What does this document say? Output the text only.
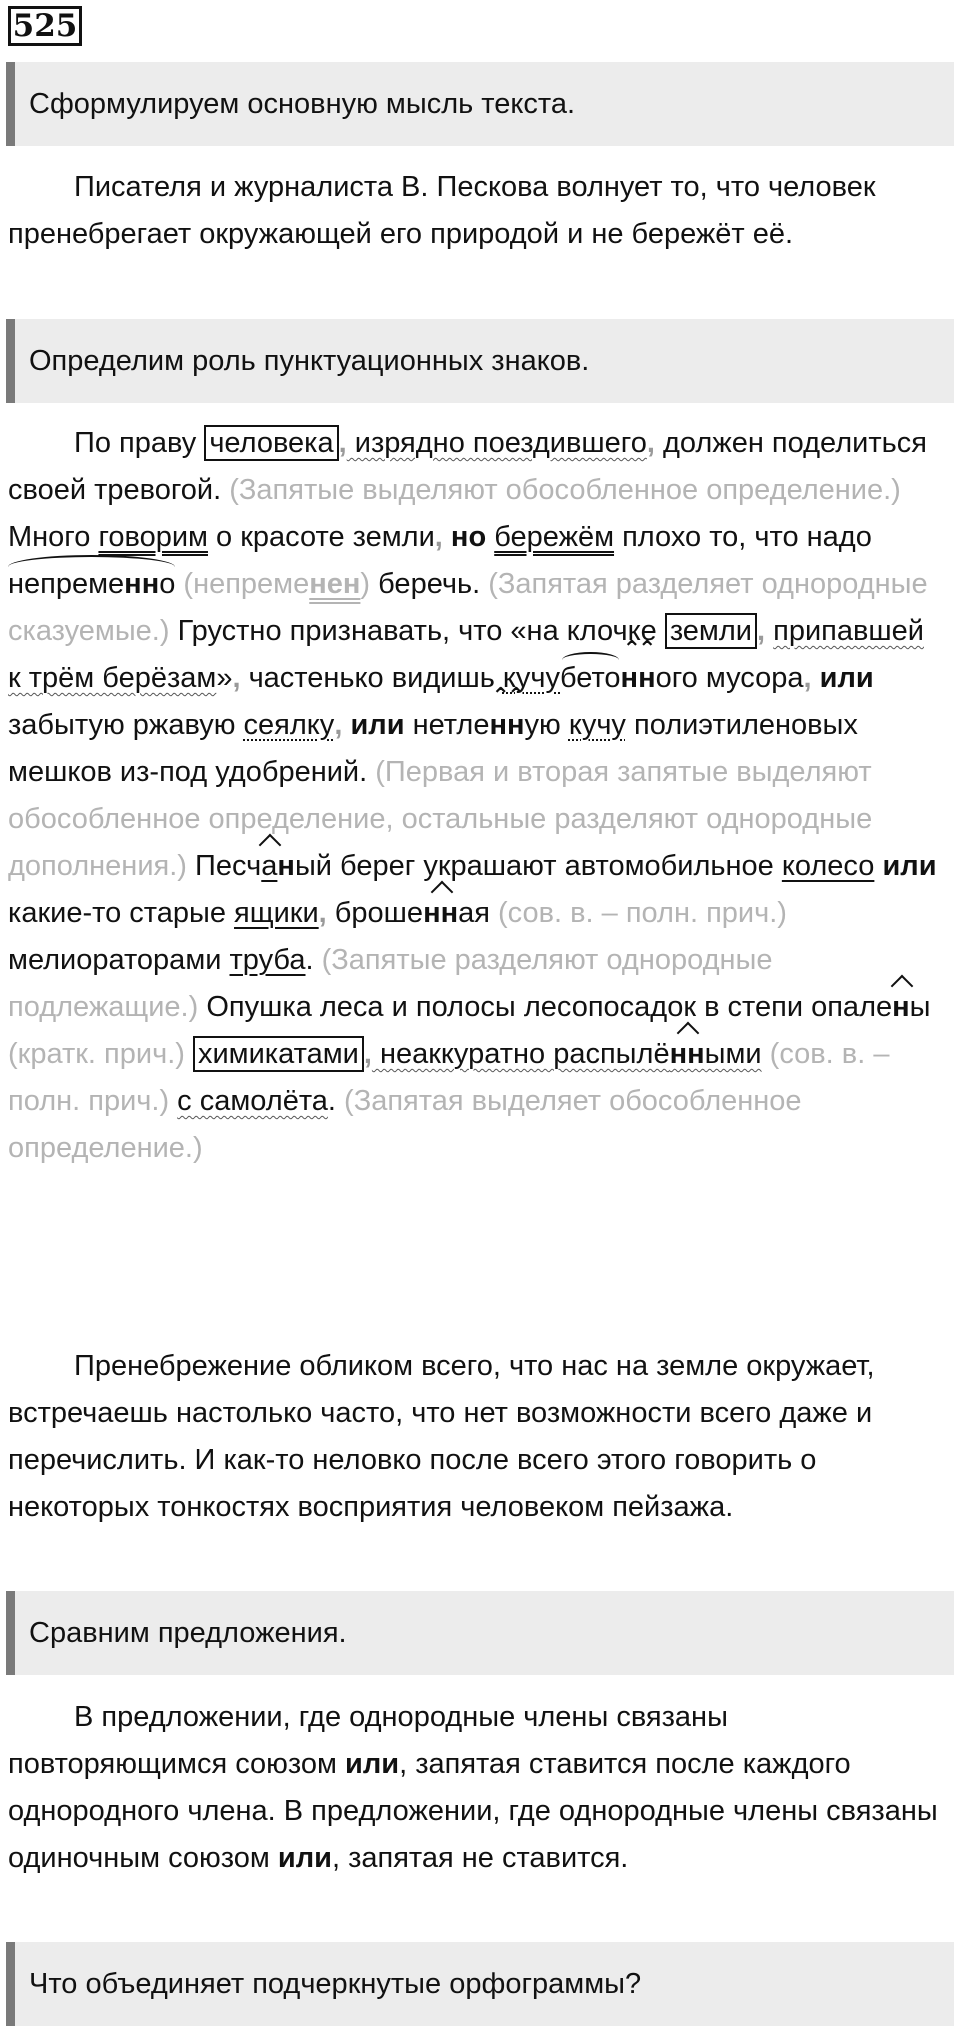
525
Сформулируем основную мысль текста.

Писателя и журналиста В. Пескова волнует то, что человек пренебрегает окружающей его природой и не бережёт её.

Определим роль пунктуационных знаков.

По праву человека , изрядно поездившего, должен поделиться своей тревогой. (Запятые выделяют обособленное определение.) Много говорим о красоте земли, но бережём плохо то, что надо непременно (непременен) беречь. (Запятая разделяет однородные сказуемые.) Грустно признавать, что «на клочке земли , припавшей к трём берёзам», частенько видишь кучубето⌃⌃ нного мусора, или забытую ржавую сеялку, или нетле⌃⌃ нную кучу полиэтиленовых мешков из-под удобрений. (Первая и вторая запятые выделяют обособленное определение, остальные разделяют однородные дополнения.) Песчаный берег украшают автомобильное колесо или какие-то старые ящики, брошенная (сов. в. – полн. прич.) мелиораторами труба. (Запятые разделяют однородные подлежащие.) Опушка леса и полосы лесопосадок в степи опалены (кратк. прич.) химикатами , неаккуратно распылёнными (сов. в. – полн. прич.) с самолёта. (Запятая выделяет обособленное определение.)

Пренебрежение обликом всего, что нас на земле окружает, встречаешь настолько часто, что нет возможности всего даже и перечислить. И как-то неловко после всего этого говорить о некоторых тонкостях восприятия человеком пейзажа.

Сравним предложения.

В предложении, где однородные члены связаны повторяющимся союзом или, запятая ставится после каждого однородного члена. В предложении, где однородные члены связаны одиночным союзом или, запятая не ставится.

Что объединяет подчеркнутые орфограммы?
